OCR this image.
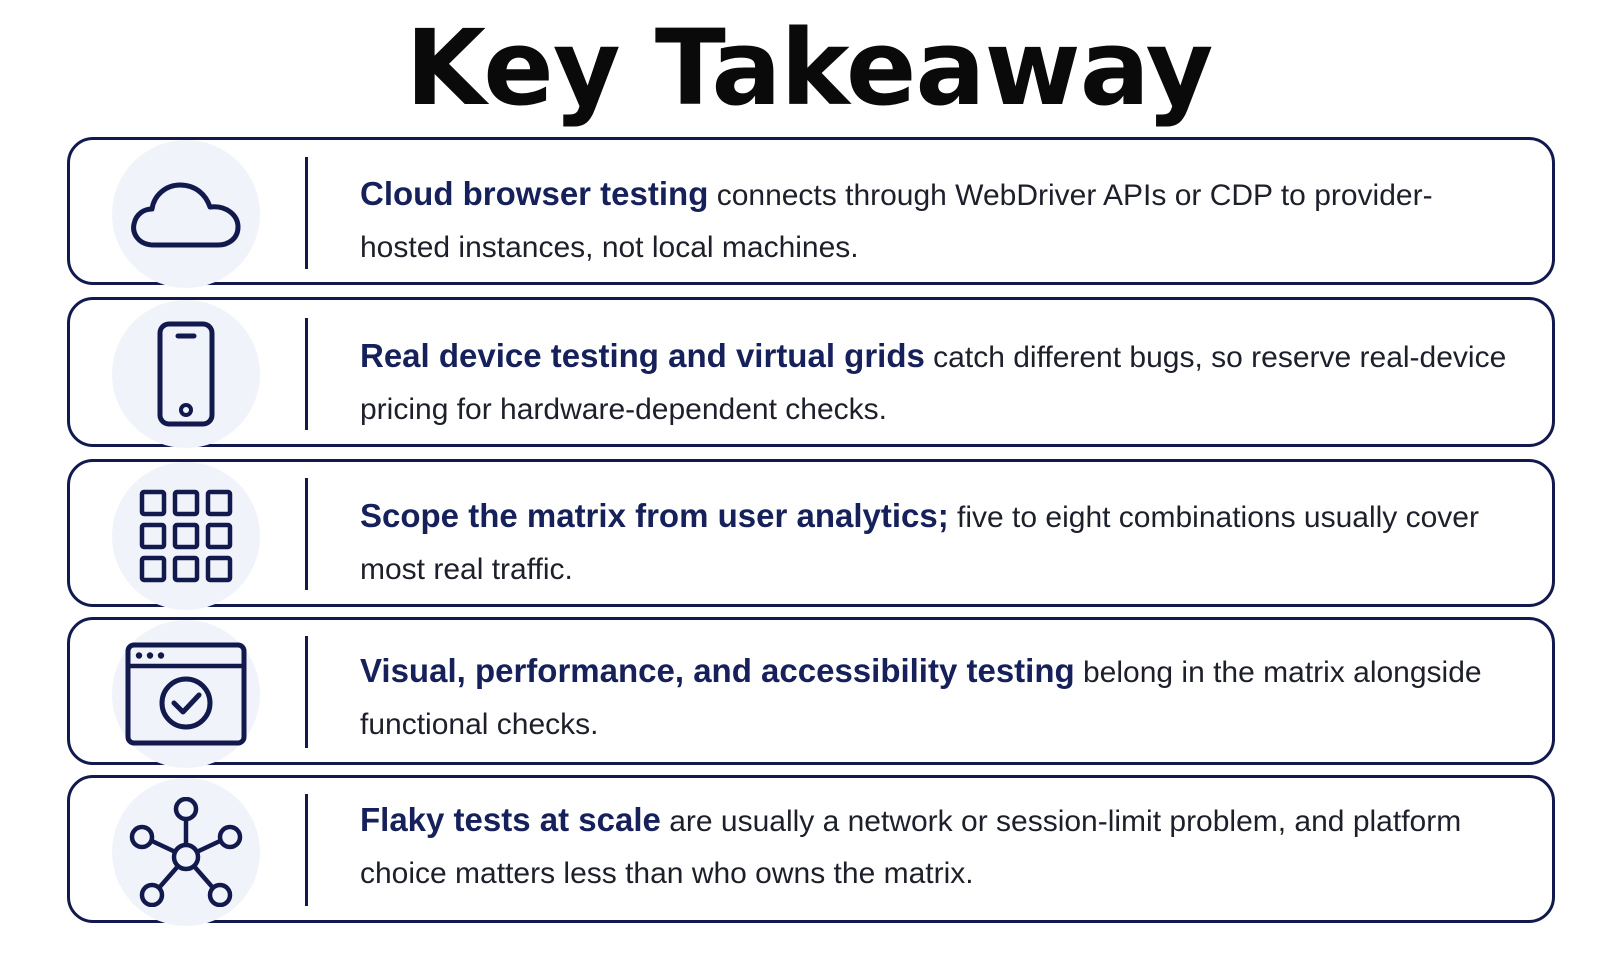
Key Takeaway
Cloud browser testing connects through WebDriver APIs or CDP to provider-hosted instances, not local machines.
Real device testing and virtual grids catch different bugs, so reserve real-device pricing for hardware-dependent checks.
Scope the matrix from user analytics; five to eight combinations usually cover most real traffic.
Visual, performance, and accessibility testing belong in the matrix alongside functional checks.
Flaky tests at scale are usually a network or session-limit problem, and platform choice matters less than who owns the matrix.
